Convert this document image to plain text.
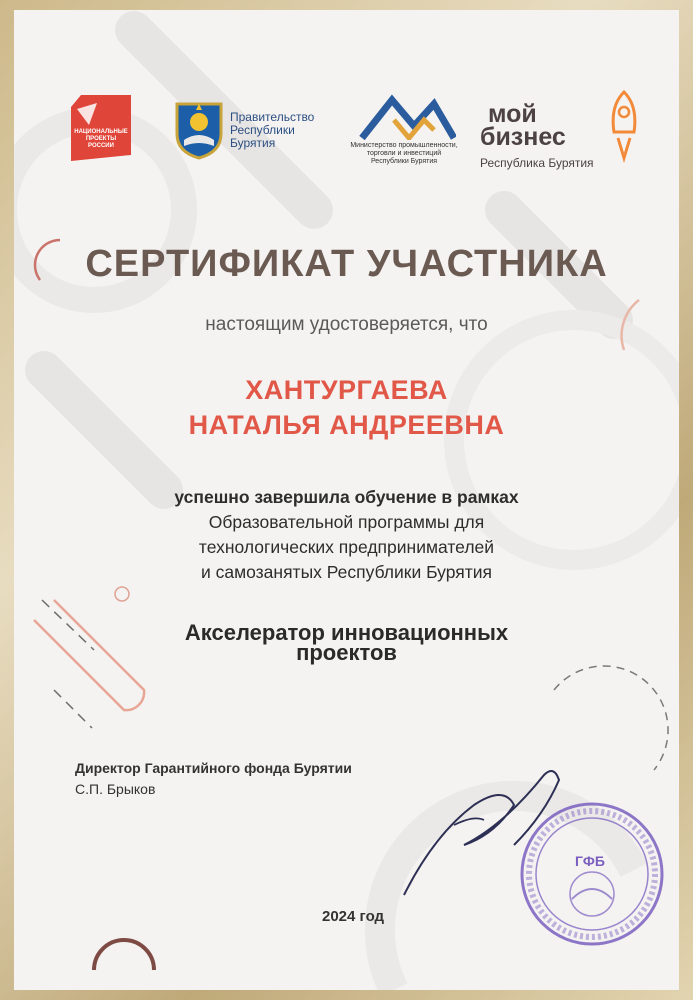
НАЦИОНАЛЬНЫЕ ПРОЕКТЫ РОССИИ
Правительство
Республики
Бурятия	Министерство промышленности,
торговли и инвестиций
Республики Бурятия
мой
бизнес
Республика Бурятия
СЕРТИФИКАТ УЧАСТНИКА
настоящим удостоверяется, что
ХАНТУРГАЕВА
НАТАЛЬЯ АНДРЕЕВНА
успешно завершила обучение в рамках
Образовательной программы для
технологических предпринимателей
и самозанятых Республики Бурятия
Акселератор инновационных
проектов
Директор Гарантийного фонда Бурятии
С.П. Брыков
ГФБ
2024 год
